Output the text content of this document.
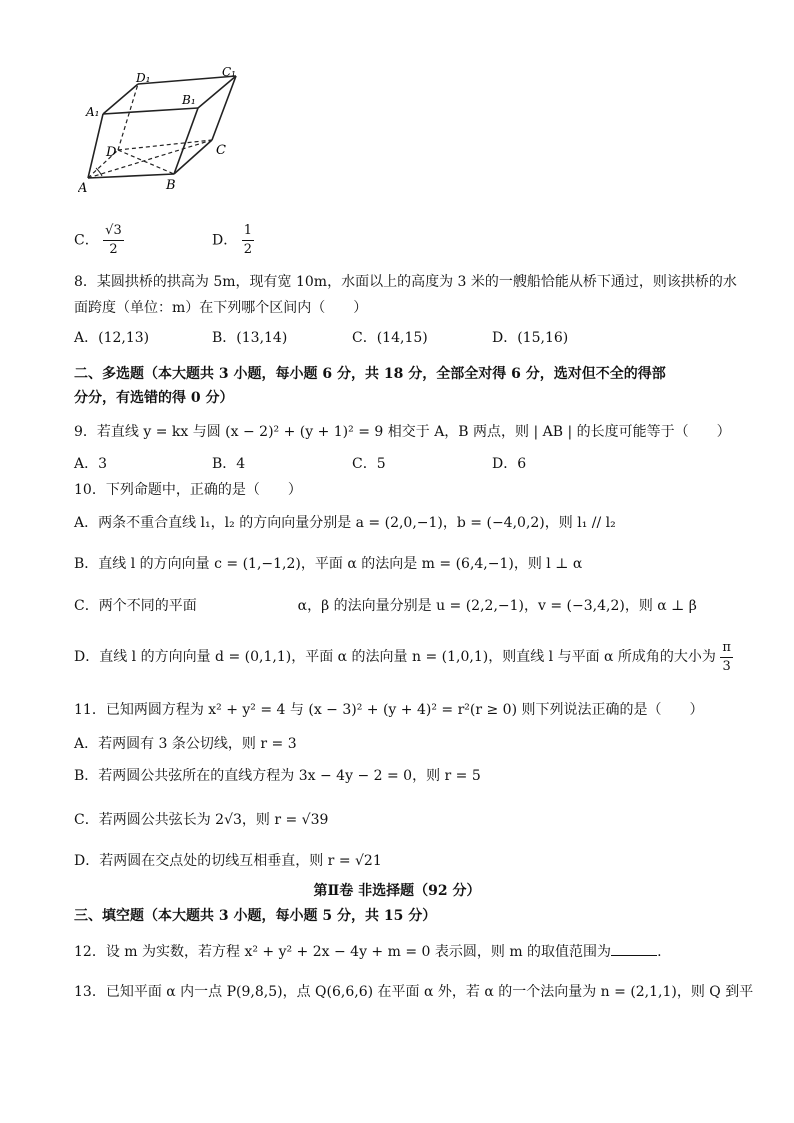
A	B
C
D
A₁
B₁
C₁
D₁
C． $\frac{√3}{2}$	D． $\frac{1}{2}$
8．某圆拱桥的拱高为 5m，现有宽 10m，水面以上的高度为 3 米的一艘船恰能从桥下通过，则该拱桥的水
面跨度（单位：m）在下列哪个区间内（　　）
A．(12,13)	B．(13,14)	C．(14,15)	D．(15,16)
二、多选题（本大题共 3 小题，每小题 6 分，共 18 分，全部全对得 6 分，选对但不全的得部
分分，有选错的得 0 分）
9．若直线 y = kx 与圆 (x − 2)² + (y + 1)² = 9 相交于 A，B 两点，则 | AB | 的长度可能等于（　　）
A．3	B．4	C．5	D．6
10．下列命题中，正确的是（　　）
A．两条不重合直线 l₁，l₂ 的方向向量分别是 a = (2,0,−1)，b = (−4,0,2)，则 l₁ // l₂
B．直线 l 的方向向量 c = (1,−1,2)，平面 α 的法向是 m = (6,4,−1)，则 l ⊥ α
C．两个不同的平面	α，β 的法向量分别是 u = (2,2,−1)，v = (−3,4,2)，则 α ⊥ β
D．直线 l 的方向向量 d = (0,1,1)，平面 α 的法向量 n = (1,0,1)，则直线 l 与平面 α 所成角的大小为 $\frac{\pi}{3}$
11．已知两圆方程为 x² + y² = 4 与 (x − 3)² + (y + 4)² = r²(r ≥ 0) 则下列说法正确的是（　　）
A．若两圆有 3 条公切线，则 r = 3
B．若两圆公共弦所在的直线方程为 3x − 4y − 2 = 0，则 r = 5
C．若两圆公共弦长为 2√3，则 r = √39
D．若两圆在交点处的切线互相垂直，则 r = √21
第Ⅱ卷 非选择题（92 分）
三、填空题（本大题共 3 小题，每小题 5 分，共 15 分）
12．设 m 为实数，若方程 x² + y² + 2x − 4y + m = 0 表示圆，则 m 的取值范围为	.
13．已知平面 α 内一点 P(9,8,5)，点 Q(6,6,6) 在平面 α 外，若 α 的一个法向量为 n = (2,1,1)，则 Q 到平
